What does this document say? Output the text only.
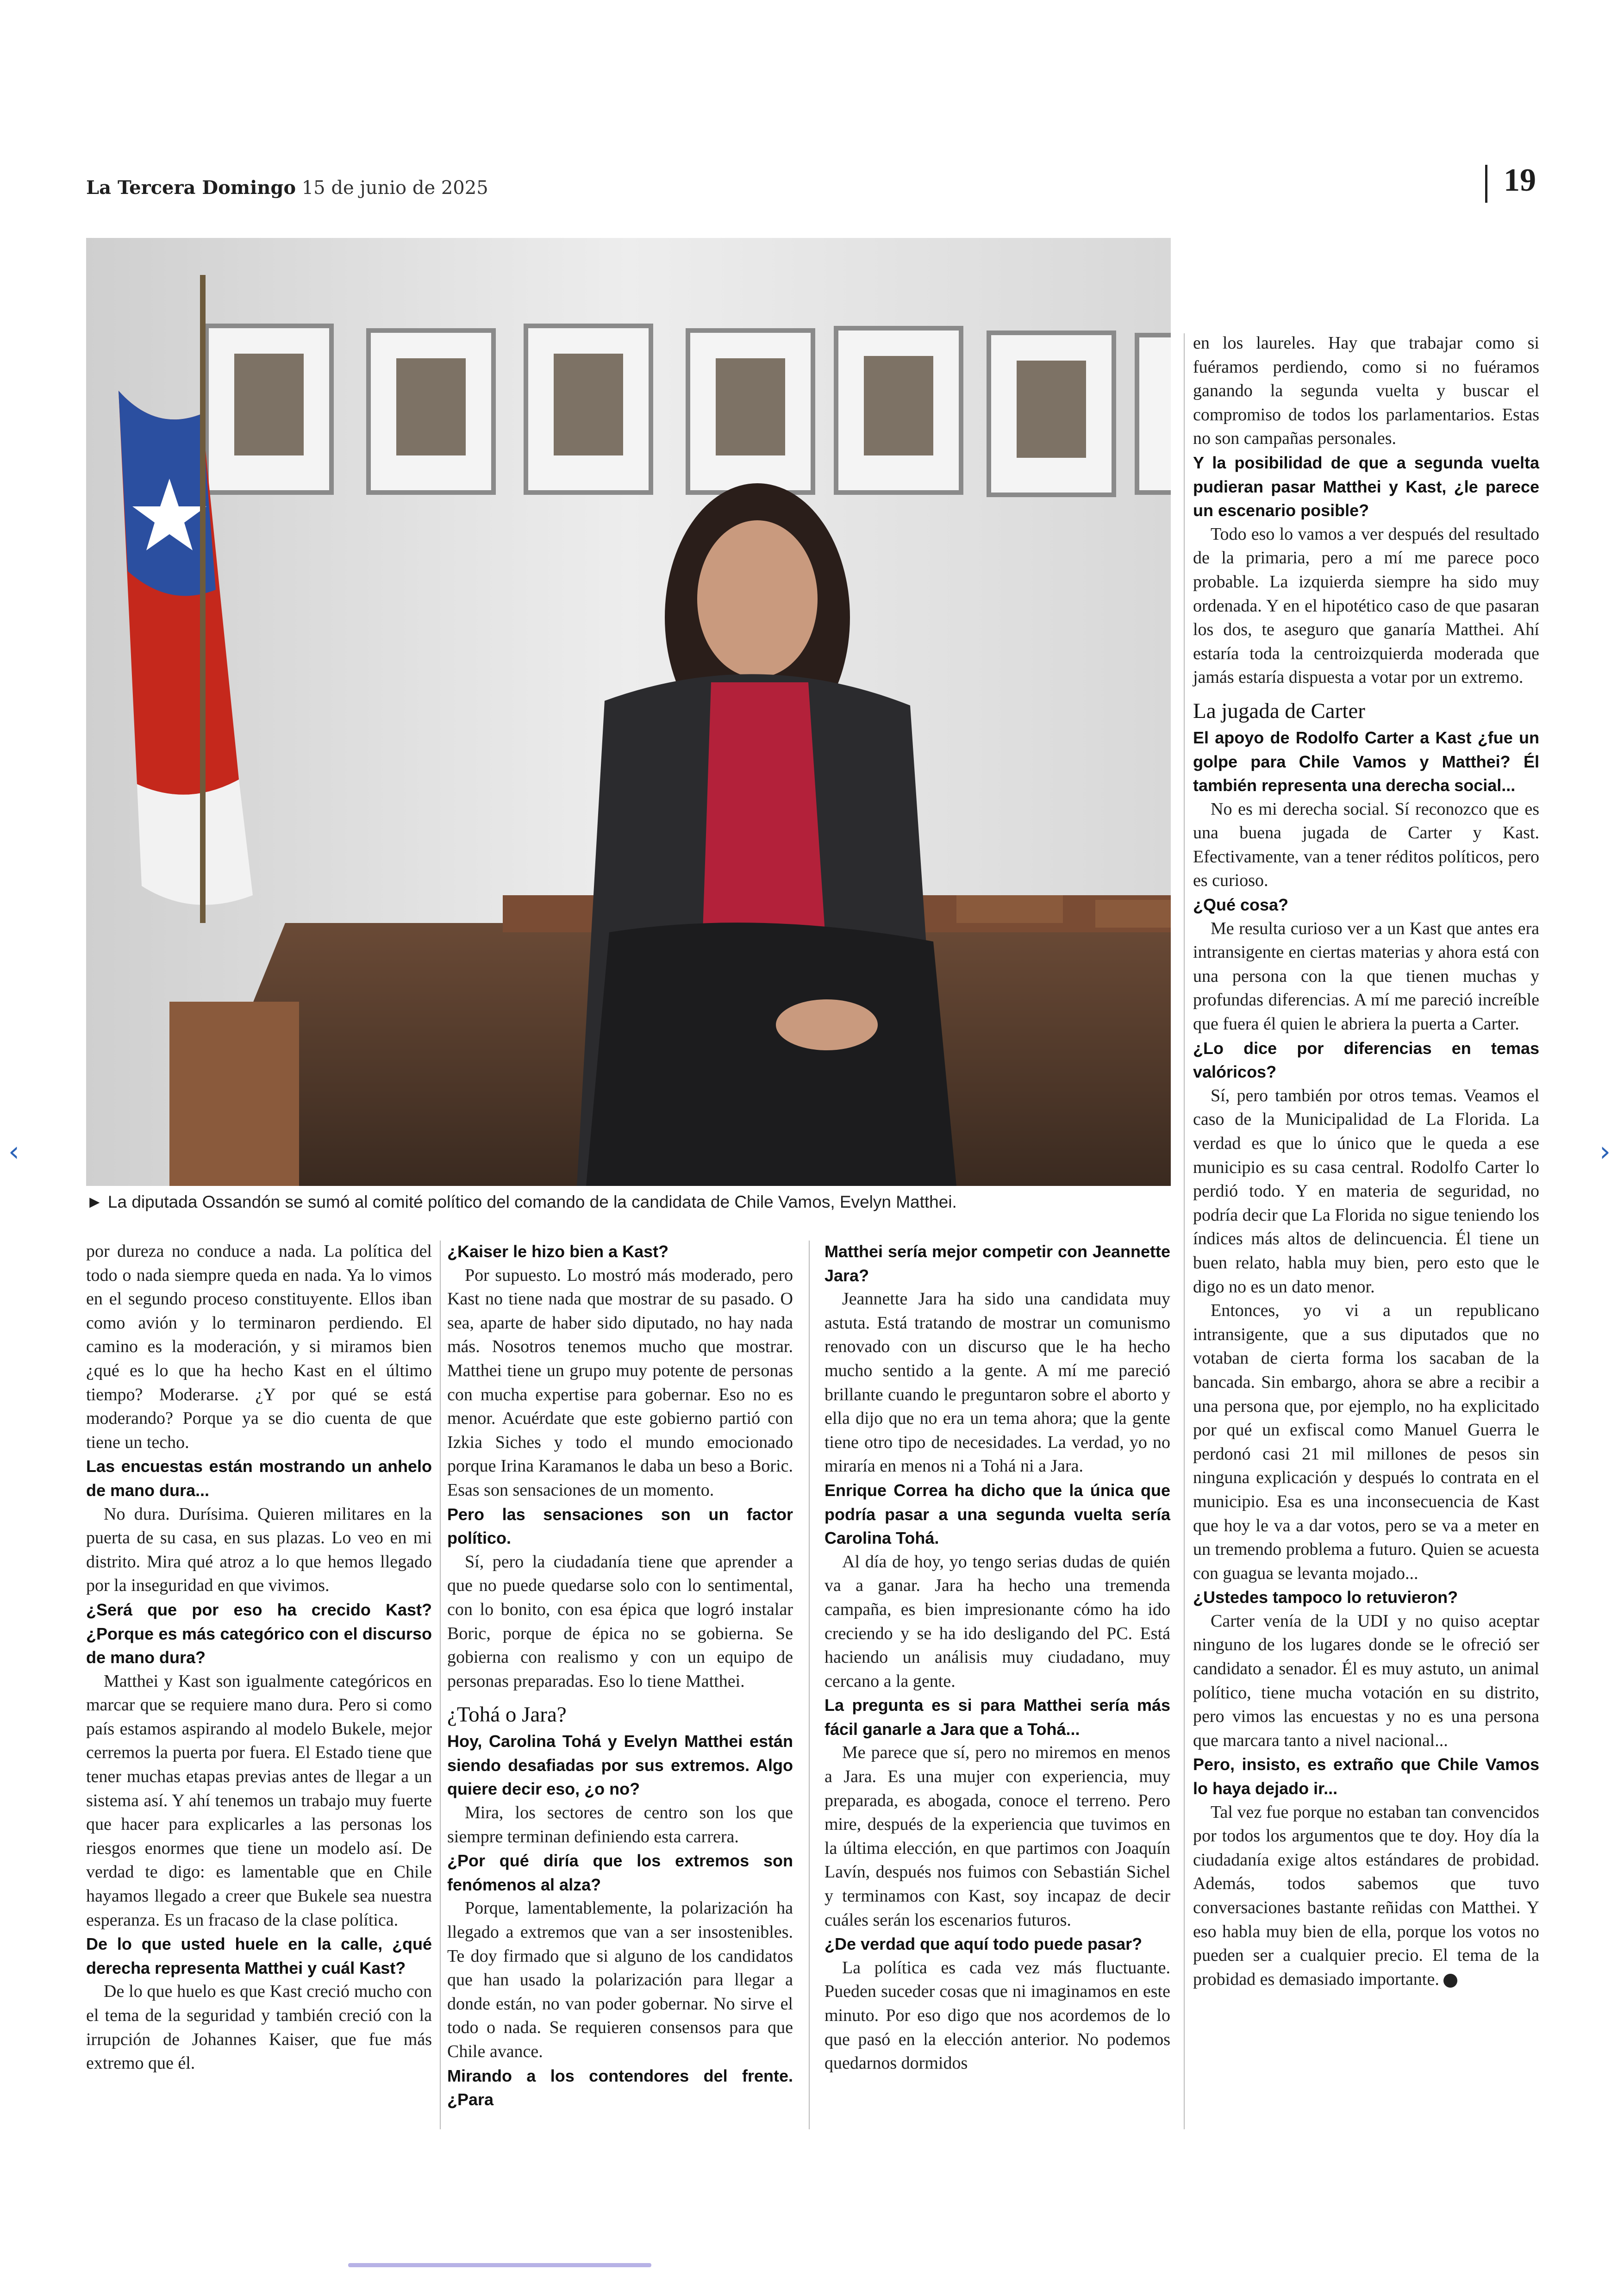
La Tercera Domingo 15 de junio de 2025	19
► La diputada Ossandón se sumó al comité político del comando de la candidata de Chile Vamos, Evelyn Matthei.

por dureza no conduce a nada. La política del todo o nada siempre queda en nada. Ya lo vimos en el segundo proceso constituyente. Ellos iban como avión y lo terminaron perdiendo. El camino es la moderación, y si miramos bien ¿qué es lo que ha hecho Kast en el último tiempo? Moderarse. ¿Y por qué se está moderando? Porque ya se dio cuenta de que tiene un techo.

Las encuestas están mostrando un anhelo de mano dura...

No dura. Durísima. Quieren militares en la puerta de su casa, en sus plazas. Lo veo en mi distrito. Mira qué atroz a lo que hemos llegado por la inseguridad en que vivimos.

¿Será que por eso ha crecido Kast? ¿Porque es más categórico con el discurso de mano dura?

Matthei y Kast son igualmente categóricos en marcar que se requiere mano dura. Pero si como país estamos aspirando al modelo Bukele, mejor cerremos la puerta por fuera. El Estado tiene que tener muchas etapas previas antes de llegar a un sistema así. Y ahí tenemos un trabajo muy fuerte que hacer para explicarles a las personas los riesgos enormes que tiene un modelo así. De verdad te digo: es lamentable que en Chile hayamos llegado a creer que Bukele sea nuestra esperanza. Es un fracaso de la clase política.

De lo que usted huele en la calle, ¿qué derecha representa Matthei y cuál Kast?

De lo que huelo es que Kast creció mucho con el tema de la seguridad y también creció con la irrupción de Johannes Kaiser, que fue más extremo que él.

¿Kaiser le hizo bien a Kast?

Por supuesto. Lo mostró más moderado, pero Kast no tiene nada que mostrar de su pasado. O sea, aparte de haber sido diputado, no hay nada más. Nosotros tenemos mucho que mostrar. Matthei tiene un grupo muy potente de personas con mucha expertise para gobernar. Eso no es menor. Acuérdate que este gobierno partió con Izkia Siches y todo el mundo emocionado porque Irina Karamanos le daba un beso a Boric. Esas son sensaciones de un momento.

Pero las sensaciones son un factor político.

Sí, pero la ciudadanía tiene que aprender a que no puede quedarse solo con lo sentimental, con lo bonito, con esa épica que logró instalar Boric, porque de épica no se gobierna. Se gobierna con realismo y con un equipo de personas preparadas. Eso lo tiene Matthei.

¿Tohá o Jara?

Hoy, Carolina Tohá y Evelyn Matthei están siendo desafiadas por sus extremos. Algo quiere decir eso, ¿o no?

Mira, los sectores de centro son los que siempre terminan definiendo esta carrera.

¿Por qué diría que los extremos son fenómenos al alza?

Porque, lamentablemente, la polarización ha llegado a extremos que van a ser insostenibles. Te doy firmado que si alguno de los candidatos que han usado la polarización para llegar a donde están, no van poder gobernar. No sirve el todo o nada. Se requieren consensos para que Chile avance.

Mirando a los contendores del frente. ¿Para

Matthei sería mejor competir con Jeannette Jara?

Jeannette Jara ha sido una candidata muy astuta. Está tratando de mostrar un comunismo renovado con un discurso que le ha hecho mucho sentido a la gente. A mí me pareció brillante cuando le preguntaron sobre el aborto y ella dijo que no era un tema ahora; que la gente tiene otro tipo de necesidades. La verdad, yo no miraría en menos ni a Tohá ni a Jara.

Enrique Correa ha dicho que la única que podría pasar a una segunda vuelta sería Carolina Tohá.

Al día de hoy, yo tengo serias dudas de quién va a ganar. Jara ha hecho una tremenda campaña, es bien impresionante cómo ha ido creciendo y se ha ido desligando del PC. Está haciendo un análisis muy ciudadano, muy cercano a la gente.

La pregunta es si para Matthei sería más fácil ganarle a Jara que a Tohá...

Me parece que sí, pero no miremos en menos a Jara. Es una mujer con experiencia, muy preparada, es abogada, conoce el terreno. Pero mire, después de la experiencia que tuvimos en la última elección, en que partimos con Joaquín Lavín, después nos fuimos con Sebastián Sichel y terminamos con Kast, soy incapaz de decir cuáles serán los escenarios futuros.

¿De verdad que aquí todo puede pasar?

La política es cada vez más fluctuante. Pueden suceder cosas que ni imaginamos en este minuto. Por eso digo que nos acordemos de lo que pasó en la elección anterior. No podemos quedarnos dormidos

en los laureles. Hay que trabajar como si fuéramos perdiendo, como si no fuéramos ganando la segunda vuelta y buscar el compromiso de todos los parlamentarios. Estas no son campañas personales.

Y la posibilidad de que a segunda vuelta pudieran pasar Matthei y Kast, ¿le parece un escenario posible?

Todo eso lo vamos a ver después del resultado de la primaria, pero a mí me parece poco probable. La izquierda siempre ha sido muy ordenada. Y en el hipotético caso de que pasaran los dos, te aseguro que ganaría Matthei. Ahí estaría toda la centroizquierda moderada que jamás estaría dispuesta a votar por un extremo.

La jugada de Carter

El apoyo de Rodolfo Carter a Kast ¿fue un golpe para Chile Vamos y Matthei? Él también representa una derecha social...

No es mi derecha social. Sí reconozco que es una buena jugada de Carter y Kast. Efectivamente, van a tener réditos políticos, pero es curioso.

¿Qué cosa?

Me resulta curioso ver a un Kast que antes era intransigente en ciertas materias y ahora está con una persona con la que tienen muchas y profundas diferencias. A mí me pareció increíble que fuera él quien le abriera la puerta a Carter.

¿Lo dice por diferencias en temas valóricos?

Sí, pero también por otros temas. Veamos el caso de la Municipalidad de La Florida. La verdad es que lo único que le queda a ese municipio es su casa central. Rodolfo Carter lo perdió todo. Y en materia de seguridad, no podría decir que La Florida no sigue teniendo los índices más altos de delincuencia. Él tiene un buen relato, habla muy bien, pero esto que le digo no es un dato menor.

Entonces, yo vi a un republicano intransigente, que a sus diputados que no votaban de cierta forma los sacaban de la bancada. Sin embargo, ahora se abre a recibir a una persona que, por ejemplo, no ha explicitado por qué un exfiscal como Manuel Guerra le perdonó casi 21 mil millones de pesos sin ninguna explicación y después lo contrata en el municipio. Esa es una inconsecuencia de Kast que hoy le va a dar votos, pero se va a meter en un tremendo problema a futuro. Quien se acuesta con guagua se levanta mojado...

¿Ustedes tampoco lo retuvieron?

Carter venía de la UDI y no quiso aceptar ninguno de los lugares donde se le ofreció ser candidato a senador. Él es muy astuto, un animal político, tiene mucha votación en su distrito, pero vimos las encuestas y no es una persona que marcara tanto a nivel nacional...

Pero, insisto, es extraño que Chile Vamos lo haya dejado ir...

Tal vez fue porque no estaban tan convencidos por todos los argumentos que te doy. Hoy día la ciudadanía exige altos estándares de probidad. Además, todos sabemos que tuvo conversaciones bastante reñidas con Matthei. Y eso habla muy bien de ella, porque los votos no pueden ser a cualquier precio. El tema de la probidad es demasiado importante. o

‹	›
